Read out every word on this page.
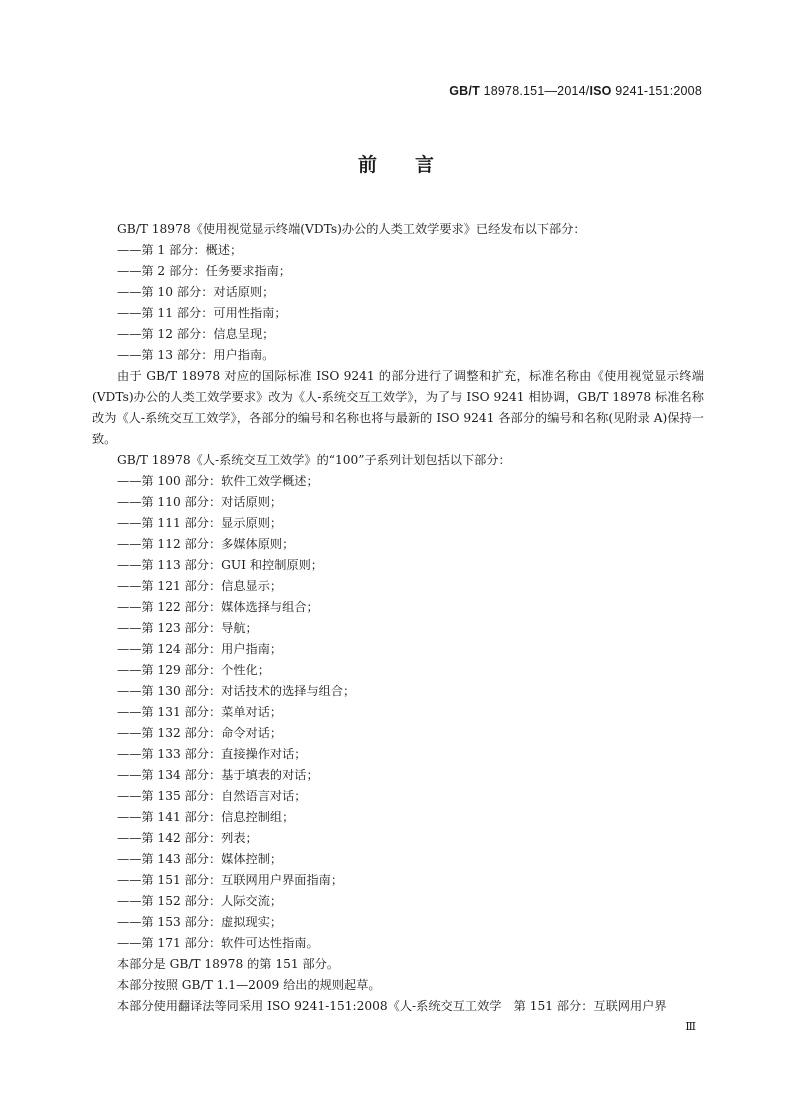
GB/T 18978.151—2014/ISO 9241-151:2008
前言

GB/T 18978《使用视觉显示终端(VDTs)办公的人类工效学要求》已经发布以下部分：

——第 1 部分：概述；

——第 2 部分：任务要求指南；

——第 10 部分：对话原则；

——第 11 部分：可用性指南；

——第 12 部分：信息呈现；

——第 13 部分：用户指南。

由于 GB/T 18978 对应的国际标准 ISO 9241 的部分进行了调整和扩充，标准名称由《使用视觉显示终端(VDTs)办公的人类工效学要求》改为《人-系统交互工效学》，为了与 ISO 9241 相协调，GB/T 18978 标准名称改为《人-系统交互工效学》，各部分的编号和名称也将与最新的 ISO 9241 各部分的编号和名称(见附录 A)保持一致。

GB/T 18978《人-系统交互工效学》的“100”子系列计划包括以下部分：

——第 100 部分：软件工效学概述；

——第 110 部分：对话原则；

——第 111 部分：显示原则；

——第 112 部分：多媒体原则；

——第 113 部分：GUI 和控制原则；

——第 121 部分：信息显示；

——第 122 部分：媒体选择与组合；

——第 123 部分：导航；

——第 124 部分：用户指南；

——第 129 部分：个性化；

——第 130 部分：对话技术的选择与组合；

——第 131 部分：菜单对话；

——第 132 部分：命令对话；

——第 133 部分：直接操作对话；

——第 134 部分：基于填表的对话；

——第 135 部分：自然语言对话；

——第 141 部分：信息控制组；

——第 142 部分：列表；

——第 143 部分：媒体控制；

——第 151 部分：互联网用户界面指南；

——第 152 部分：人际交流；

——第 153 部分：虚拟现实；

——第 171 部分：软件可达性指南。

本部分是 GB/T 18978 的第 151 部分。

本部分按照 GB/T 1.1—2009 给出的规则起草。

本部分使用翻译法等同采用 ISO 9241-151:2008《人-系统交互工效学　第 151 部分：互联网用户界

Ⅲ
